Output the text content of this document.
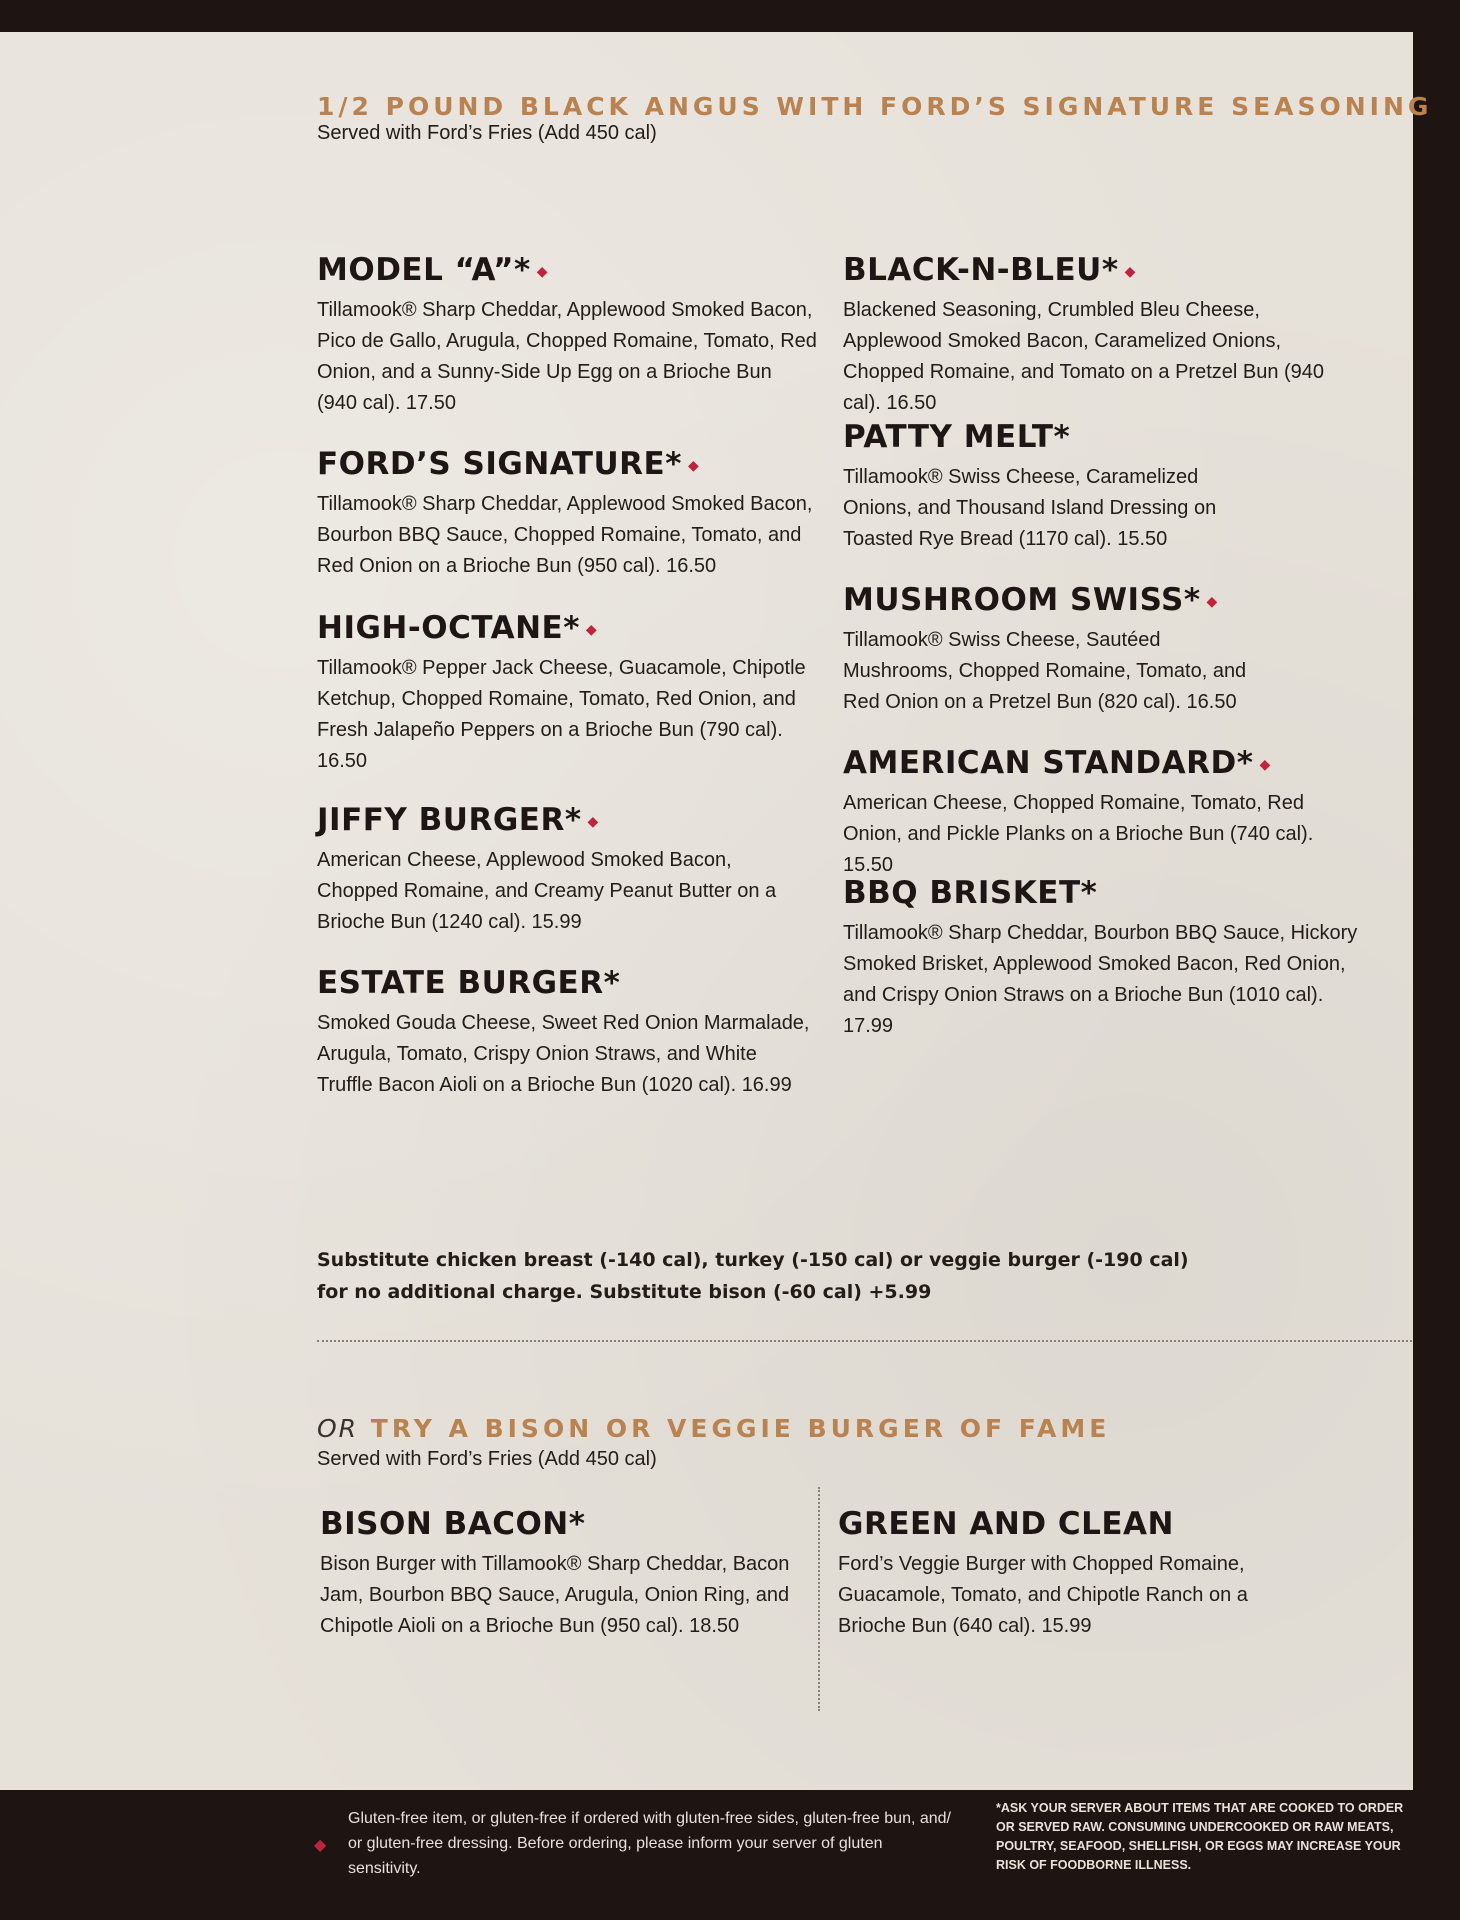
1/2 POUND BLACK ANGUS WITH FORD’S SIGNATURE SEASONING
Served with Ford’s Fries (Add 450 cal)
MODEL “A”* ◆

Tillamook® Sharp Cheddar, Applewood Smoked Bacon, Pico de Gallo, Arugula, Chopped Romaine, Tomato, Red Onion, and a Sunny-Side Up Egg on a Brioche Bun (940 cal). 17.50

FORD’S SIGNATURE* ◆

Tillamook® Sharp Cheddar, Applewood Smoked Bacon, Bourbon BBQ Sauce, Chopped Romaine, Tomato, and Red Onion on a Brioche Bun (950 cal). 16.50

HIGH-OCTANE* ◆

Tillamook® Pepper Jack Cheese, Guacamole, Chipotle Ketchup, Chopped Romaine, Tomato, Red Onion, and Fresh Jalapeño Peppers on a Brioche Bun (790 cal). 16.50

JIFFY BURGER* ◆

American Cheese, Applewood Smoked Bacon, Chopped Romaine, and Creamy Peanut Butter on a Brioche Bun (1240 cal). 15.99

ESTATE BURGER*

Smoked Gouda Cheese, Sweet Red Onion Marmalade, Arugula, Tomato, Crispy Onion Straws, and White Truffle Bacon Aioli on a Brioche Bun (1020 cal). 16.99

BLACK-N-BLEU* ◆

Blackened Seasoning, Crumbled Bleu Cheese, Applewood Smoked Bacon, Caramelized Onions, Chopped Romaine, and Tomato on a Pretzel Bun (940 cal). 16.50

PATTY MELT*

Tillamook® Swiss Cheese, Caramelized Onions, and Thousand Island Dressing on Toasted Rye Bread (1170 cal). 15.50

MUSHROOM SWISS* ◆

Tillamook® Swiss Cheese, Sautéed Mushrooms, Chopped Romaine, Tomato, and Red Onion on a Pretzel Bun (820 cal). 16.50

AMERICAN STANDARD* ◆

American Cheese, Chopped Romaine, Tomato, Red Onion, and Pickle Planks on a Brioche Bun (740 cal). 15.50

BBQ BRISKET*

Tillamook® Sharp Cheddar, Bourbon BBQ Sauce, Hickory Smoked Brisket, Applewood Smoked Bacon, Red Onion, and Crispy Onion Straws on a Brioche Bun (1010 cal). 17.99

Substitute chicken breast (-140 cal), turkey (-150 cal) or veggie burger (-190 cal)
for no additional charge. Substitute bison (-60 cal) +5.99
OR TRY A BISON OR VEGGIE BURGER OF FAME
Served with Ford’s Fries (Add 450 cal)
BISON BACON*

Bison Burger with Tillamook® Sharp Cheddar, Bacon Jam, Bourbon BBQ Sauce, Arugula, Onion Ring, and Chipotle Aioli on a Brioche Bun (950 cal). 18.50

GREEN AND CLEAN

Ford’s Veggie Burger with Chopped Romaine, Guacamole, Tomato, and Chipotle Ranch on a Brioche Bun (640 cal). 15.99

◆
Gluten-free item, or gluten-free if ordered with gluten-free sides, gluten-free bun, and/ or gluten-free dressing. Before ordering, please inform your server of gluten sensitivity.
*ASK YOUR SERVER ABOUT ITEMS THAT ARE COOKED TO ORDER OR SERVED RAW. CONSUMING UNDERCOOKED OR RAW MEATS, POULTRY, SEAFOOD, SHELLFISH, OR EGGS MAY INCREASE YOUR RISK OF FOODBORNE ILLNESS.
